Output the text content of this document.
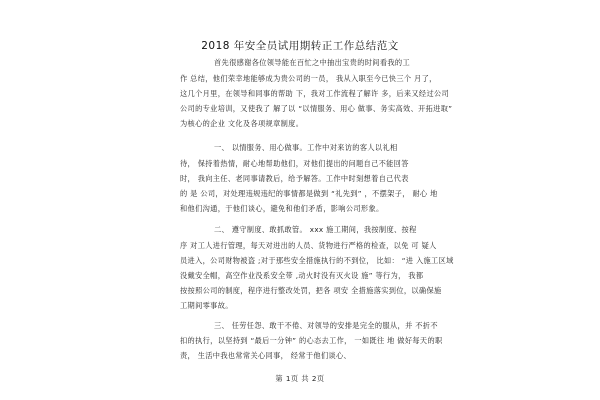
2018 年安全员试用期转正工作总结范文
首先很感谢各位领导能在百忙之中抽出宝贵的时间看我的工
作 总结，他们荣幸地能够成为贵公司的一员， 我从入职至今已快三个 月了，
这几个月里，在领导和同事的帮助 下，我对工作流程了解许 多，后来又经过公司
公司的专业培训，又使我了 解了以 “以情服务、用心 做事、务实高效、开拓进取”
为核心的企业 文化及各项规章制度。
一、 以情服务、用心做事。工作中对来访的客人以礼相
待， 保持着热情，耐心地帮助他们，对他们提出的问题自己不能回答
时， 我向主任、老同事请教后，给予解答。工作中时刻想着自己代表
的 是 公司，对处理违规违纪的事情都是做到 “礼先到” ，不摆架子， 耐心 地
和他们沟通，于他们谈心，避免和他们矛盾，影响公司形象。
二、 遵守制度、敢抓敢管。 xxx 施工期间，我按制度、按程
序 对工人进行管理，每天对进出的人员、货物进行严格的检查，以免 可 疑人
员进入，公司财物被盗 ;对于那些安全措施执行的不到位， 比如： “进 入施工区域
没戴安全帽，高空作业没系安全带 ,动火时没有灭火设 施” 等行为， 我都
按按照公司的制度，程序进行整改处罚，把各 项安 全措施落实到位，以确保施
工期间零事故。
三、 任劳任怨、敢干不倦、对领导的安排是完全的服从，并 不折不
扣的执行，以坚持到 “最后一分钟” 的心态去工作， 一如既往 地 做好每天的职
责， 生活中我也常常关心同事， 经常于他们谈心、
第 1页 共 2页
